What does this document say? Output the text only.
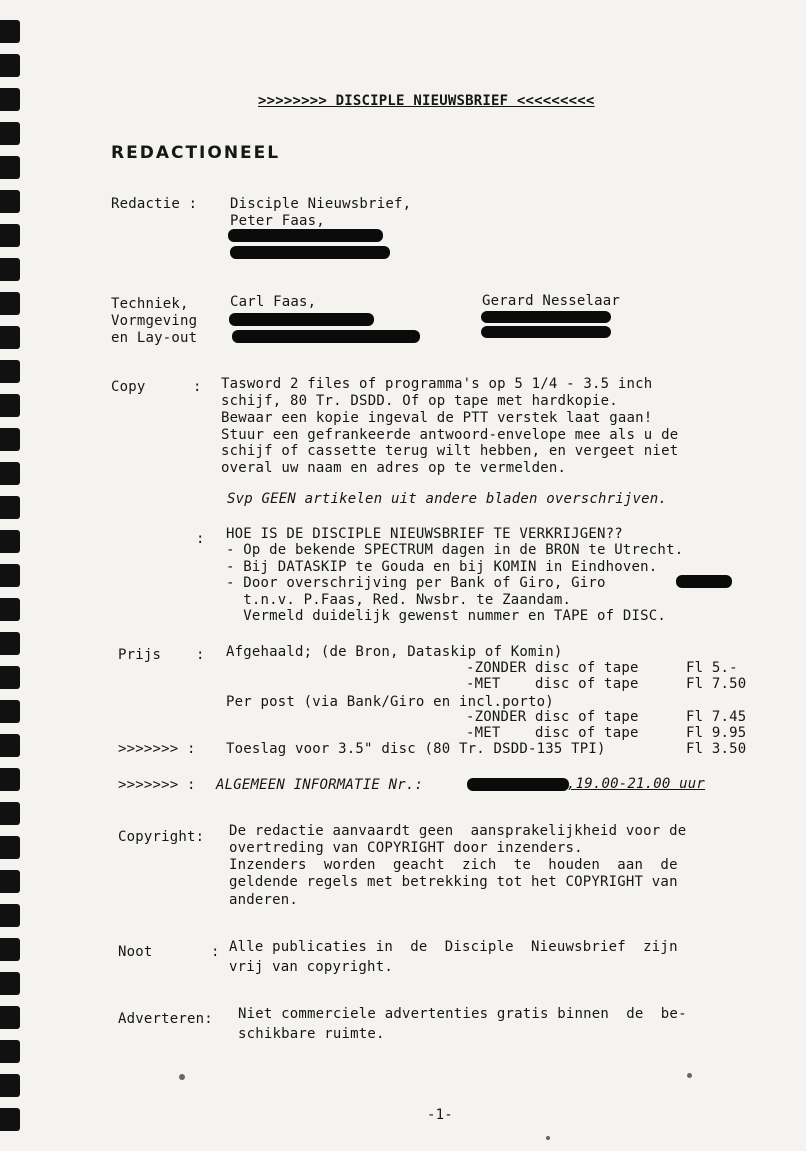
>>>>>>>> DISCIPLE NIEUWSBRIEF <<<<<<<<<
REDACTIONEEL
Redactie : Disciple Nieuwsbrief,
Peter Faas,
Techniek,
Vormgeving
en Lay-out
Carl Faas,	Gerard Nesselaar
Copy	: Tasword 2 files of programma's op 5 1/4 - 3.5 inch
schijf, 80 Tr. DSDD. Of op tape met hardkopie.
Bewaar een kopie ingeval de PTT verstek laat gaan!
Stuur een gefrankeerde antwoord-envelope mee als u de
schijf of cassette terug wilt hebben, en vergeet niet
overal uw naam en adres op te vermelden.
Svp GEEN artikelen uit andere bladen overschrijven.
: HOE IS DE DISCIPLE NIEUWSBRIEF TE VERKRIJGEN??
- Op de bekende SPECTRUM dagen in de BRON te Utrecht.
- Bij DATASKIP te Gouda en bij KOMIN in Eindhoven.
- Door overschrijving per Bank of Giro, Giro
t.n.v. P.Faas, Red. Nwsbr. te Zaandam.
Vermeld duidelijk gewenst nummer en TAPE of DISC.
Prijs : Afgehaald; (de Bron, Dataskip of Komin)
-ZONDER disc of tape	Fl 5.-
-MET    disc of tape	Fl 7.50
Per post (via Bank/Giro en incl.porto)
-ZONDER disc of tape	Fl 7.45
-MET    disc of tape	Fl 9.95
>>>>>>> : Toeslag voor 3.5" disc (80 Tr. DSDD-135 TPI)	Fl 3.50
>>>>>>> : ALGEMEEN INFORMATIE Nr.:	,19.00-21.00 uur
Copyright: De redactie aanvaardt geen  aansprakelijkheid voor de
overtreding van COPYRIGHT door inzenders.
Inzenders  worden  geacht  zich  te  houden  aan  de
geldende regels met betrekking tot het COPYRIGHT van
anderen.
Noot	: Alle publicaties in  de  Disciple  Nieuwsbrief  zijn
vrij van copyright.
Adverteren: Niet commerciele advertenties gratis binnen  de  be-
schikbare ruimte.
-1-
